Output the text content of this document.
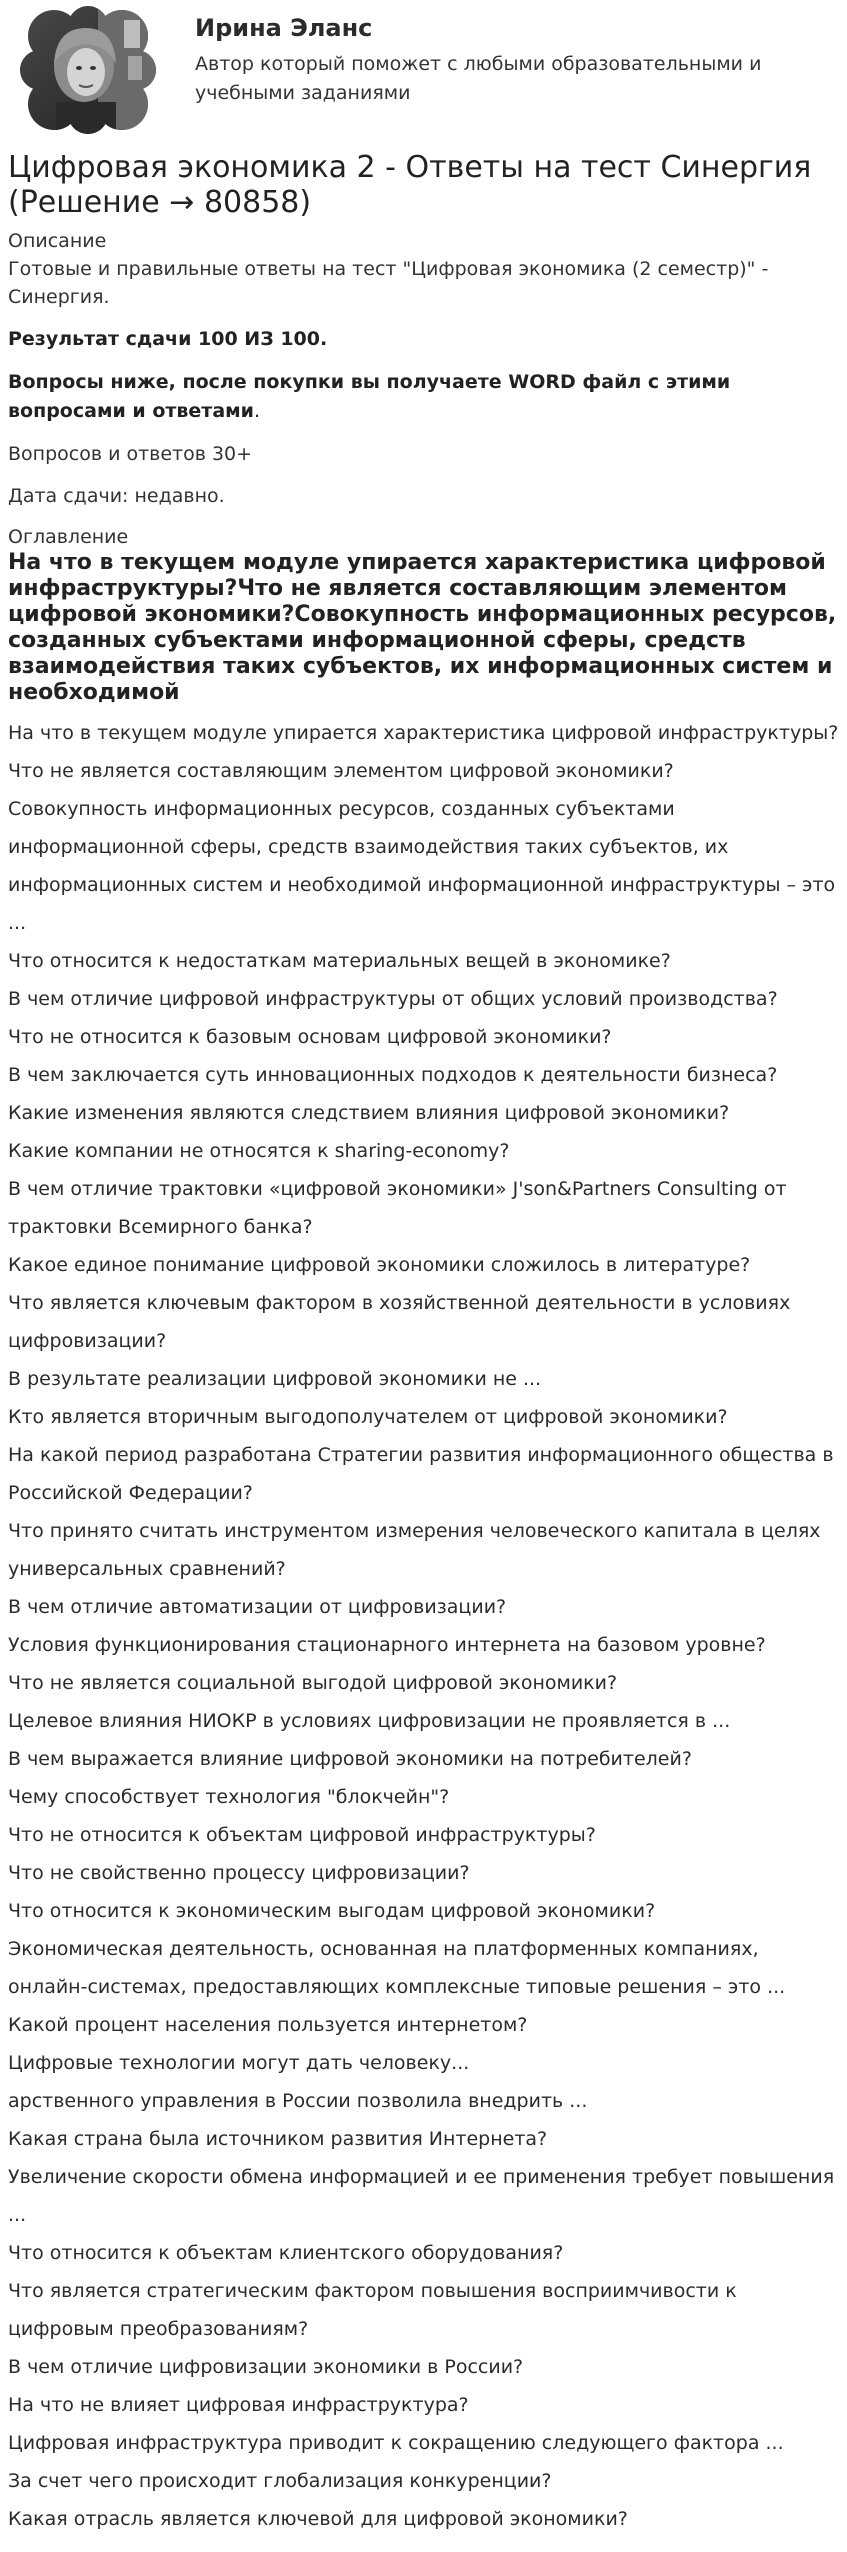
Ирина Эланс
Автор который поможет с любыми образовательными и учебными заданиями
Цифровая экономика 2 - Ответы на тест Синергия (Решение → 80858)
Описание
Готовые и правильные ответы на тест "Цифровая экономика (2 семестр)" - Синергия.
Результат сдачи 100 ИЗ 100.
Вопросы ниже, после покупки вы получаете WORD файл с этими вопросами и ответами.
Вопросов и ответов 30+
Дата сдачи: недавно.
Оглавление
На что в текущем модуле упирается характеристика цифровой инфраструктуры?Что не является составляющим элементом цифровой экономики?Совокупность информационных ресурсов, созданных субъектами информационной сферы, средств взаимодействия таких субъектов, их информационных систем и необходимой
На что в текущем модуле упирается характеристика цифровой инфраструктуры?
Что не является составляющим элементом цифровой экономики?
Совокупность информационных ресурсов, созданных субъектами информационной сферы, средств взаимодействия таких субъектов, их информационных систем и необходимой информационной инфраструктуры – это ...
Что относится к недостаткам материальных вещей в экономике?
В чем отличие цифровой инфраструктуры от общих условий производства?
Что не относится к базовым основам цифровой экономики?
В чем заключается суть инновационных подходов к деятельности бизнеса?
Какие изменения являются следствием влияния цифровой экономики?
Какие компании не относятся к sharing-economy?
В чем отличие трактовки «цифровой экономики» J'son&Partners Consulting от трактовки Всемирного банка?
Какое единое понимание цифровой экономики сложилось в литературе?
Что является ключевым фактором в хозяйственной деятельности в условиях цифровизации?
В результате реализации цифровой экономики не ...
Кто является вторичным выгодополучателем от цифровой экономики?
На какой период разработана Стратегии развития информационного общества в Российской Федерации?
Что принято считать инструментом измерения человеческого капитала в целях универсальных сравнений?
В чем отличие автоматизации от цифровизации?
Условия функционирования стационарного интернета на базовом уровне?
Что не является социальной выгодой цифровой экономики?
Целевое влияния НИОКР в условиях цифровизации не проявляется в ...
В чем выражается влияние цифровой экономики на потребителей?
Чему способствует технология "блокчейн"?
Что не относится к объектам цифровой инфраструктуры?
Что не свойственно процессу цифровизации?
Что относится к экономическим выгодам цифровой экономики?
Экономическая деятельность, основанная на платформенных компаниях, онлайн-системах, предоставляющих комплексные типовые решения – это ...
Какой процент населения пользуется интернетом?
Цифровые технологии могут дать человеку...
арственного управления в России позволила внедрить ...
Какая страна была источником развития Интернета?
Увеличение скорости обмена информацией и ее применения требует повышения ...
Что относится к объектам клиентского оборудования?
Что является стратегическим фактором повышения восприимчивости к цифровым преобразованиям?
В чем отличие цифровизации экономики в России?
На что не влияет цифровая инфраструктура?
Цифровая инфраструктура приводит к сокращению следующего фактора ...
За счет чего происходит глобализация конкуренции?
Какая отрасль является ключевой для цифровой экономики?
